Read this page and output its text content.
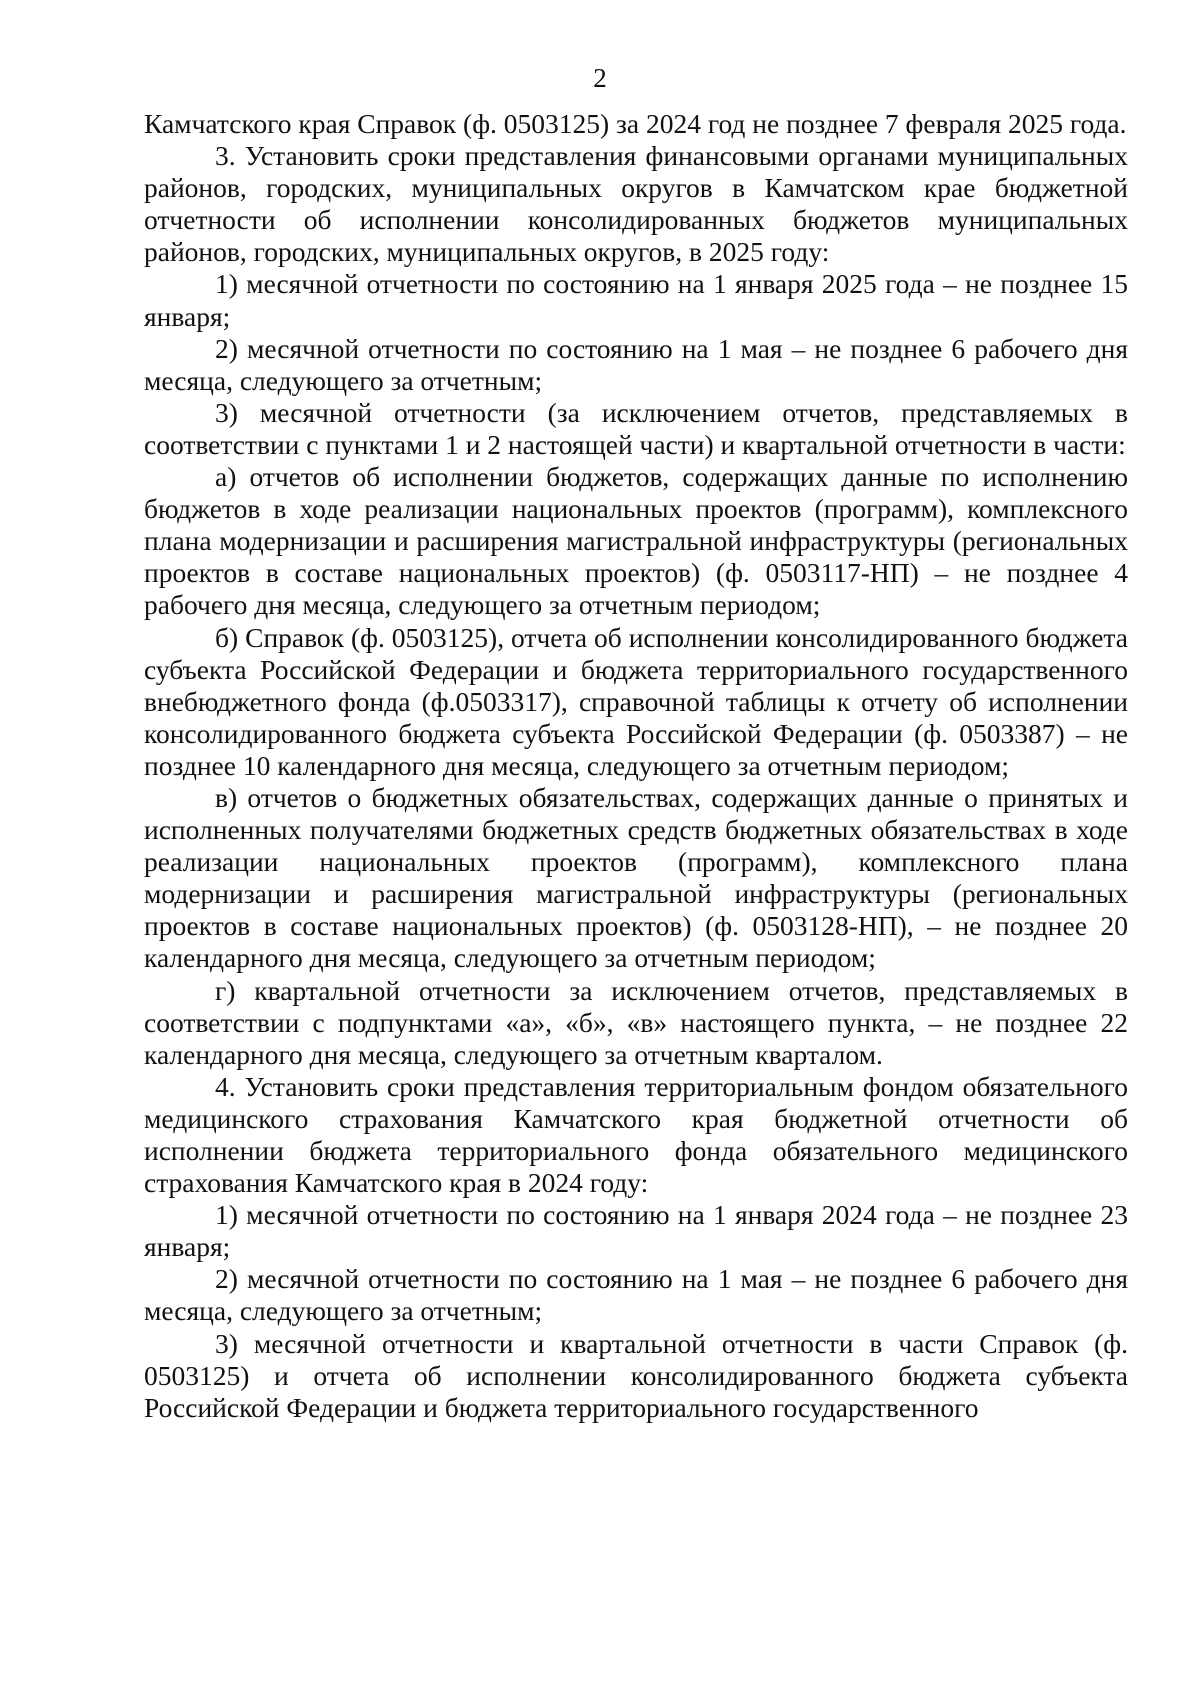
2

Камчатского края Справок (ф. 0503125) за 2024 год не позднее 7 февраля 2025 года.

3. Установить сроки представления финансовыми органами муниципальных районов, городских, муниципальных округов в Камчатском крае бюджетной отчетности об исполнении консолидированных бюджетов муниципальных районов, городских, муниципальных округов, в 2025 году:

1) месячной отчетности по состоянию на 1 января 2025 года – не позднее 15 января;

2) месячной отчетности по состоянию на 1 мая – не позднее 6 рабочего дня месяца, следующего за отчетным;

3) месячной отчетности (за исключением отчетов, представляемых в соответствии с пунктами 1 и 2 настоящей части) и квартальной отчетности в части:

а) отчетов об исполнении бюджетов, содержащих данные по исполнению бюджетов в ходе реализации национальных проектов (программ), комплексного плана модернизации и расширения магистральной инфраструктуры (региональных проектов в составе национальных проектов) (ф. 0503117-НП) – не позднее 4 рабочего дня месяца, следующего за отчетным периодом;

б) Справок (ф. 0503125), отчета об исполнении консолидированного бюджета субъекта Российской Федерации и бюджета территориального государственного внебюджетного фонда (ф.0503317), справочной таблицы к отчету об исполнении консолидированного бюджета субъекта Российской Федерации (ф. 0503387) – не позднее 10 календарного дня месяца, следующего за отчетным периодом;

в) отчетов о бюджетных обязательствах, содержащих данные о принятых и исполненных получателями бюджетных средств бюджетных обязательствах в ходе реализации национальных проектов (программ), комплексного плана модернизации и расширения магистральной инфраструктуры (региональных проектов в составе национальных проектов) (ф. 0503128-НП), – не позднее 20 календарного дня месяца, следующего за отчетным периодом;

г) квартальной отчетности за исключением отчетов, представляемых в соответствии с подпунктами «а», «б», «в» настоящего пункта, – не позднее 22 календарного дня месяца, следующего за отчетным кварталом.

4. Установить сроки представления территориальным фондом обязательного медицинского страхования Камчатского края бюджетной отчетности об исполнении бюджета территориального фонда обязательного медицинского страхования Камчатского края в 2024 году:

1) месячной отчетности по состоянию на 1 января 2024 года – не позднее 23 января;

2) месячной отчетности по состоянию на 1 мая – не позднее 6 рабочего дня месяца, следующего за отчетным;

3) месячной отчетности и квартальной отчетности в части Справок (ф. 0503125) и отчета об исполнении консолидированного бюджета субъекта Российской Федерации и бюджета территориального государственного
